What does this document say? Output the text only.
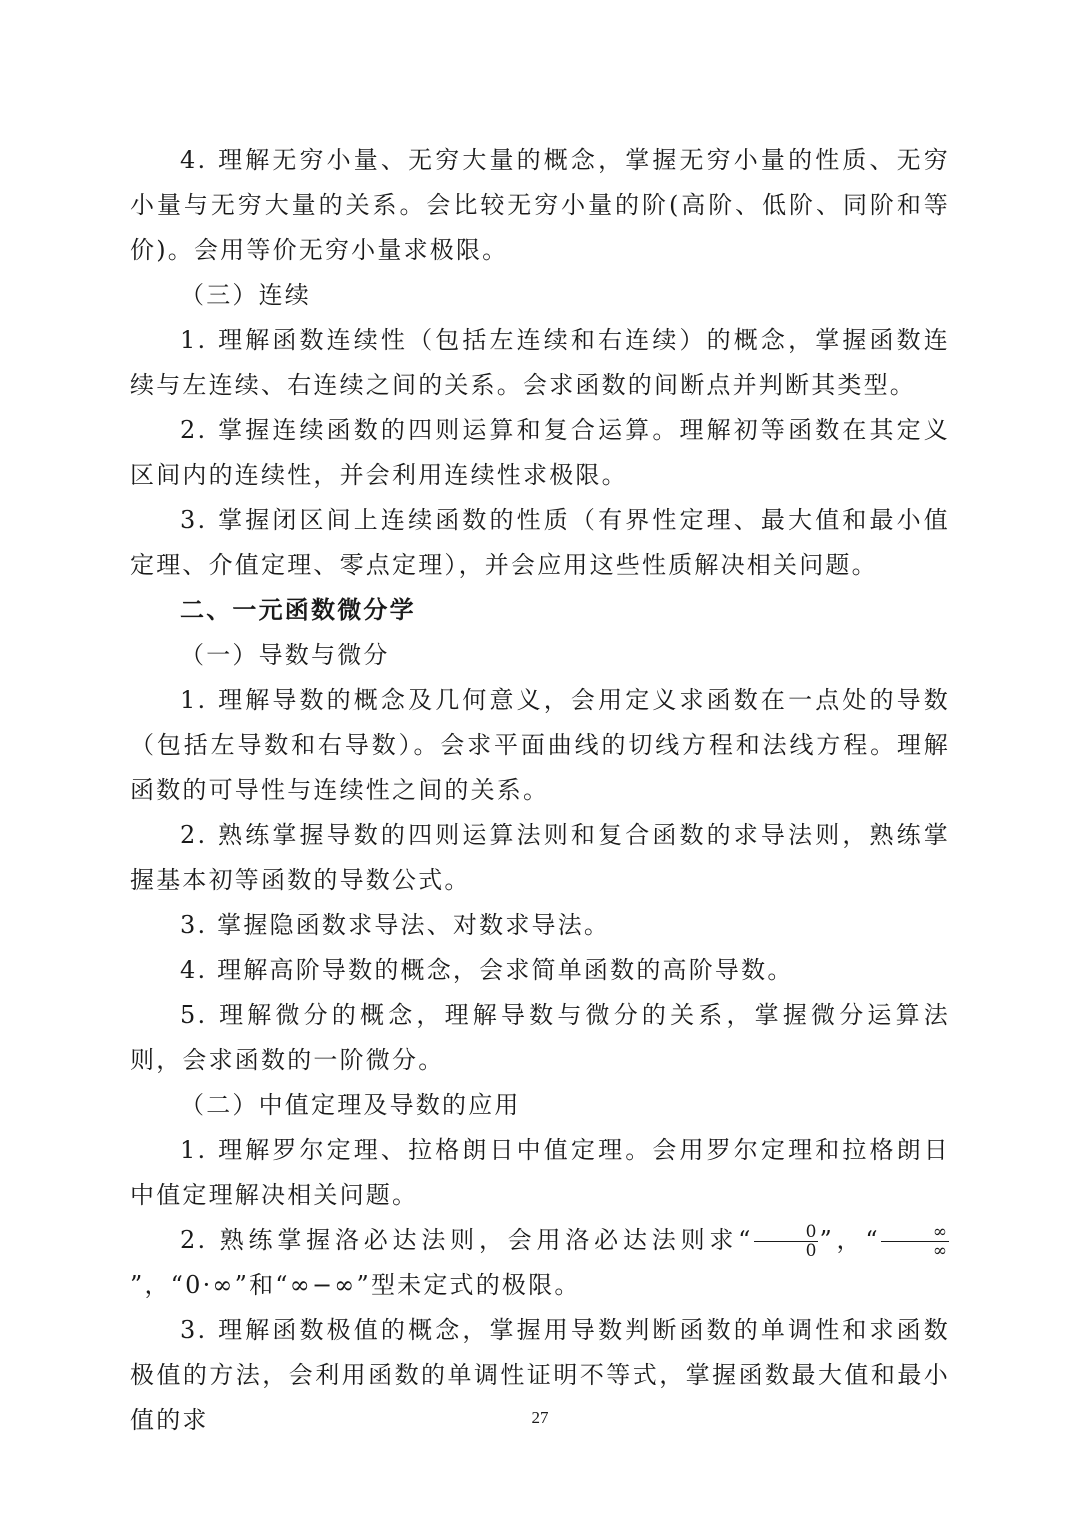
4. 理解无穷小量、无穷大量的概念，掌握无穷小量的性质、无穷小量与无穷大量的关系。会比较无穷小量的阶(高阶、低阶、同阶和等价)。会用等价无穷小量求极限。

（三）连续

1. 理解函数连续性（包括左连续和右连续）的概念，掌握函数连续与左连续、右连续之间的关系。会求函数的间断点并判断其类型。

2. 掌握连续函数的四则运算和复合运算。理解初等函数在其定义区间内的连续性，并会利用连续性求极限。

3. 掌握闭区间上连续函数的性质（有界性定理、最大值和最小值定理、介值定理、零点定理），并会应用这些性质解决相关问题。

二、一元函数微分学

（一）导数与微分

1. 理解导数的概念及几何意义，会用定义求函数在一点处的导数（包括左导数和右导数）。会求平面曲线的切线方程和法线方程。理解函数的可导性与连续性之间的关系。

2. 熟练掌握导数的四则运算法则和复合函数的求导法则，熟练掌握基本初等函数的导数公式。

3. 掌握隐函数求导法、对数求导法。

4. 理解高阶导数的概念，会求简单函数的高阶导数。

5. 理解微分的概念，理解导数与微分的关系，掌握微分运算法则，会求函数的一阶微分。

（二）中值定理及导数的应用

1. 理解罗尔定理、拉格朗日中值定理。会用罗尔定理和拉格朗日中值定理解决相关问题。

2. 熟练掌握洛必达法则，会用洛必达法则求“ $\frac{0}{0}$ ”，“ $\frac{\infty}{\infty}$
”，“0·∞”和“∞−∞”型未定式的极限。

3. 理解函数极值的概念，掌握用导数判断函数的单调性和求函数极值的方法，会利用函数的单调性证明不等式，掌握函数最大值和最小值的求	27
